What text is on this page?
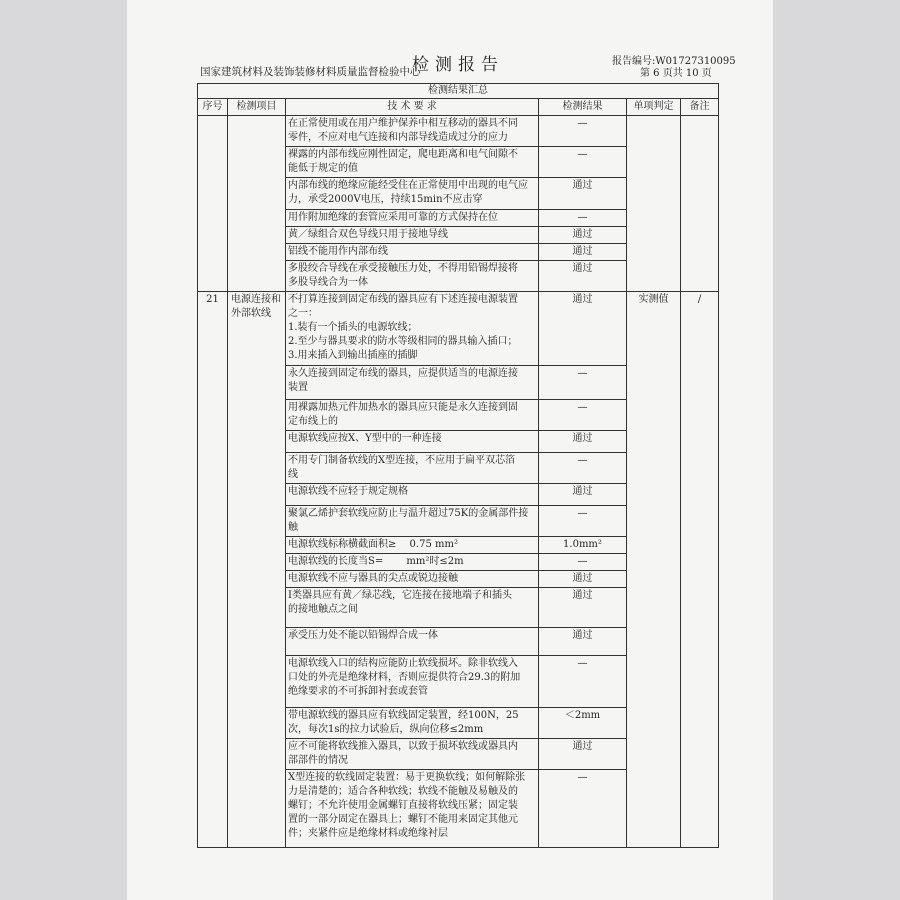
国家建筑材料及装饰装修材料质量监督检验中心
检测报告	报告编号:W01727310095
第 6 页共 10 页
检测结果汇总					
序号	检测项目	技 术 要 求	检测结果	单项判定	备注
		在正常使用或在用户维护保养中相互移动的器具不同
零件，不应对电气连接和内部导线造成过分的应力	—		
		裸露的内部布线应刚性固定，爬电距离和电气间隙不
能低于规定的值	—		
		内部布线的绝缘应能经受住在正常使用中出现的电气应
力，承受2000V电压，持续15min不应击穿	通过		
		用作附加绝缘的套管应采用可靠的方式保持在位	—		
		黄／绿组合双色导线只用于接地导线	通过		
		铝线不能用作内部布线	通过		
		多股绞合导线在承受接触压力处，不得用铅锡焊接将
多股导线合为一体	通过		
21	电源连接和外部软线	不打算连接到固定布线的器具应有下述连接电源装置
之一：
1.装有一个插头的电源软线；
2.至少与器具要求的防水等级相同的器具输入插口；
3.用来插入到输出插座的插脚	通过	实测值	/
		永久连接到固定布线的器具，应提供适当的电源连接
装置	—		
		用裸露加热元件加热水的器具应只能是永久连接到固
定布线上的	—		
		电源软线应按X、Y型中的一种连接	通过		
		不用专门制备软线的X型连接，不应用于扁平双芯箔
线	—		
		电源软线不应轻于规定规格	通过		
		聚氯乙烯护套软线应防止与温升超过75K的金属部件接
触	—		
		电源软线标称横截面积≥　 0.75 mm²	1.0mm²		
		电源软线的长度当S=　　 mm²时≤2m	—		
		电源软线不应与器具的尖点或锐边接触	通过		
		Ⅰ类器具应有黄／绿芯线，它连接在接地端子和插头
的接地触点之间	通过		
		承受压力处不能以铅锡焊合成一体	通过		
		电源软线入口的结构应能防止软线损坏。除非软线入
口处的外壳是绝缘材料，否则应提供符合29.3的附加
绝缘要求的不可拆卸衬套或套管	—		
		带电源软线的器具应有软线固定装置，经100N，25
次，每次1s的拉力试验后，纵向位移≤2mm	＜2mm		
		应不可能将软线推入器具，以致于损坏软线或器具内
部部件的情况	通过		
		X型连接的软线固定装置：易于更换软线；如何解除张
力是清楚的；适合各种软线；软线不能触及易触及的
螺钉；不允许使用金属螺钉直接将软线压紧；固定装
置的一部分固定在器具上；螺钉不能用来固定其他元
件；夹紧件应是绝缘材料或绝缘衬层	—		
